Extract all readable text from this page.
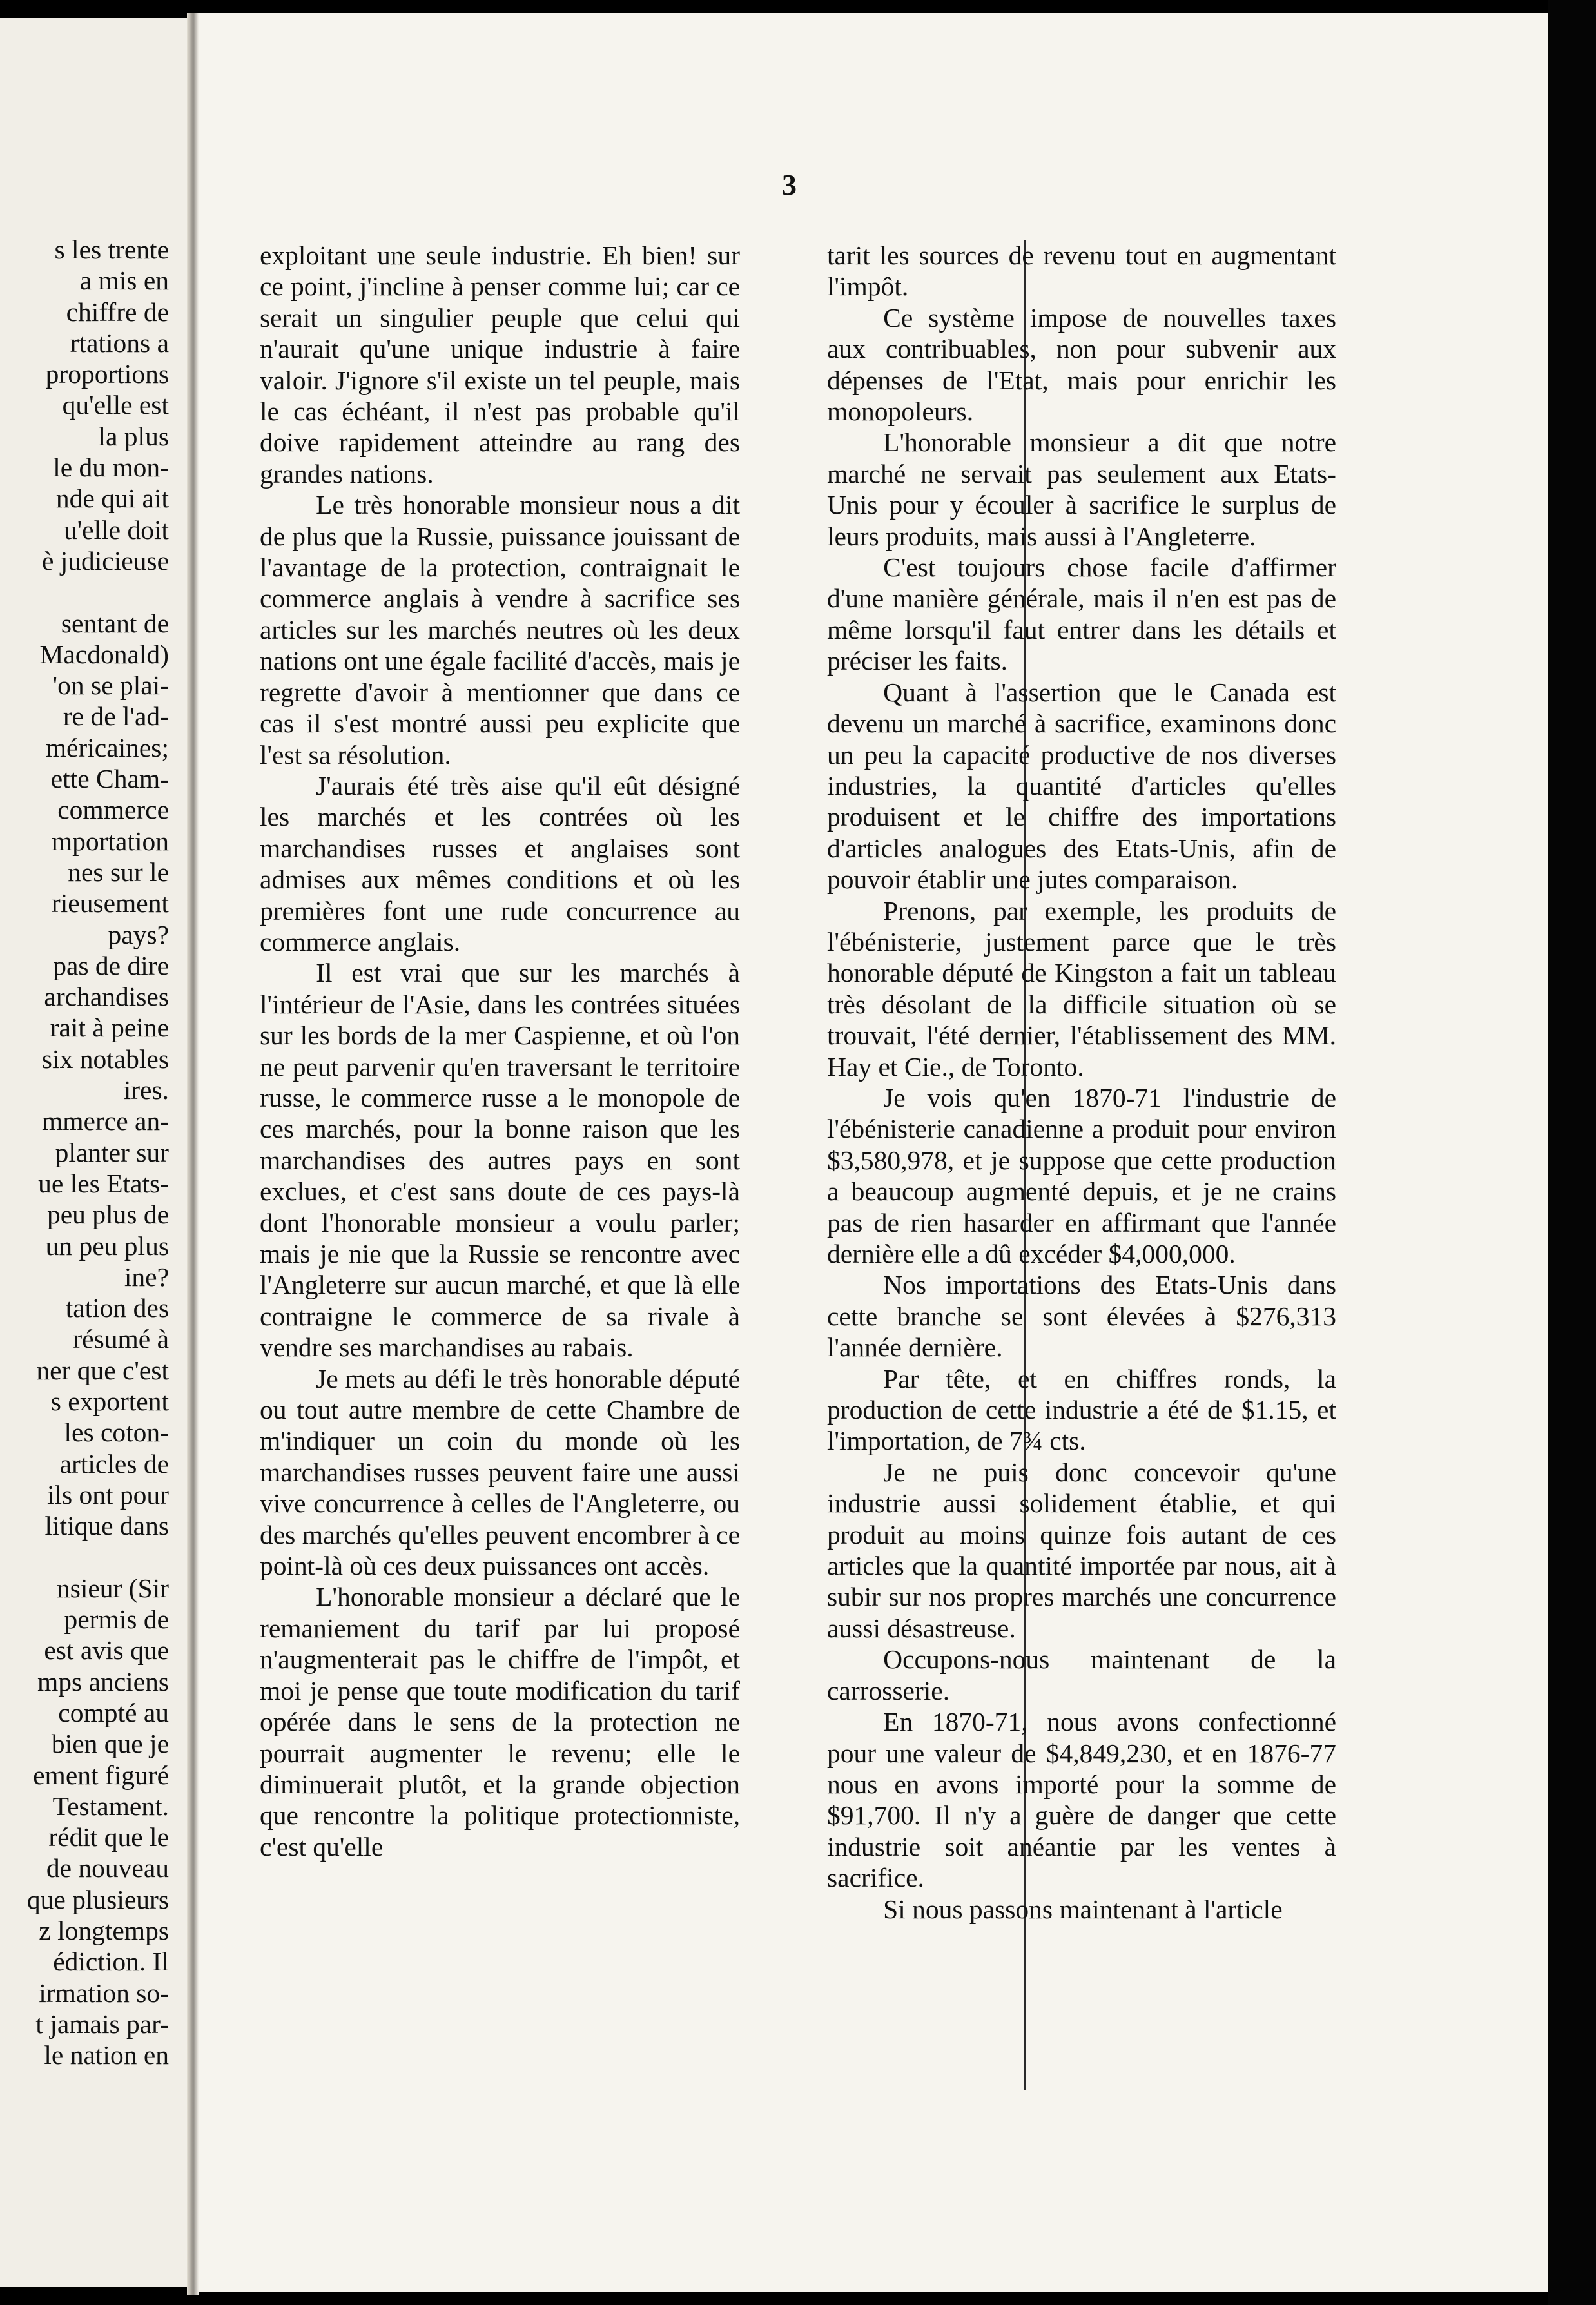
s les trente
a mis en
chiffre de
rtations a
proportions
qu'elle est
la plus
le du mon-
nde qui ait
u'elle doit
è judicieuse
sentant de
Macdonald)
'on se plai-
re de l'ad-
méricaines;
ette Cham-
commerce
mportation
nes sur le
rieusement
pays?
pas de dire
archandises
rait à peine
six notables
ires.
mmerce an-
planter sur
ue les Etats-
peu plus de
un peu plus
ine?
tation des
résumé à
ner que c'est
s exportent
les coton-
articles de
ils ont pour
litique dans
nsieur (Sir
permis de
est avis que
mps anciens
compté au
bien que je
ement figuré
Testament.
rédit que le
de nouveau
que plusieurs
z longtemps
édiction. Il
irmation so-
t jamais par-
le nation en
3

exploitant une seule industrie. Eh bien! sur ce point, j'incline à penser comme lui; car ce serait un singulier peuple que celui qui n'aurait qu'une unique industrie à faire valoir. J'ignore s'il existe un tel peuple, mais le cas échéant, il n'est pas probable qu'il doive rapidement atteindre au rang des grandes nations.

Le très honorable monsieur nous a dit de plus que la Russie, puissance jouissant de l'avantage de la protection, contraignait le commerce anglais à vendre à sacrifice ses articles sur les marchés neutres où les deux nations ont une égale facilité d'accès, mais je regrette d'avoir à mentionner que dans ce cas il s'est montré aussi peu explicite que l'est sa résolution.

J'aurais été très aise qu'il eût désigné les marchés et les contrées où les marchandises russes et anglaises sont admises aux mêmes conditions et où les premières font une rude concurrence au commerce anglais.

Il est vrai que sur les marchés à l'intérieur de l'Asie, dans les contrées situées sur les bords de la mer Caspienne, et où l'on ne peut parvenir qu'en traversant le territoire russe, le commerce russe a le monopole de ces marchés, pour la bonne raison que les marchandises des autres pays en sont exclues, et c'est sans doute de ces pays-là dont l'honorable monsieur a voulu parler; mais je nie que la Russie se rencontre avec l'Angleterre sur aucun marché, et que là elle contraigne le commerce de sa rivale à vendre ses marchandises au rabais.

Je mets au défi le très honorable député ou tout autre membre de cette Chambre de m'indiquer un coin du monde où les marchandises russes peuvent faire une aussi vive concurrence à celles de l'Angleterre, ou des marchés qu'elles peuvent encombrer à ce point-là où ces deux puissances ont accès.

L'honorable monsieur a déclaré que le remaniement du tarif par lui proposé n'augmenterait pas le chiffre de l'impôt, et moi je pense que toute modification du tarif opérée dans le sens de la protection ne pourrait augmenter le revenu; elle le diminuerait plutôt, et la grande objection que rencontre la politique protectionniste, c'est qu'elle

tarit les sources de revenu tout en augmentant l'impôt.

Ce système impose de nouvelles taxes aux contribuables, non pour subvenir aux dépenses de l'Etat, mais pour enrichir les monopoleurs.

L'honorable monsieur a dit que notre marché ne servait pas seulement aux Etats-Unis pour y écouler à sacrifice le surplus de leurs produits, mais aussi à l'Angleterre.

C'est toujours chose facile d'affirmer d'une manière générale, mais il n'en est pas de même lorsqu'il faut entrer dans les détails et préciser les faits.

Quant à l'assertion que le Canada est devenu un marché à sacrifice, examinons donc un peu la capacité productive de nos diverses industries, la quantité d'articles qu'elles produisent et le chiffre des importations d'articles analogues des Etats-Unis, afin de pouvoir établir une jutes comparaison.

Prenons, par exemple, les produits de l'ébénisterie, justement parce que le très honorable député de Kingston a fait un tableau très désolant de la difficile situation où se trouvait, l'été dernier, l'établissement des MM. Hay et Cie., de Toronto.

Je vois qu'en 1870-71 l'industrie de l'ébénisterie canadienne a produit pour environ $3,580,978, et je suppose que cette production a beaucoup augmenté depuis, et je ne crains pas de rien hasarder en affirmant que l'année dernière elle a dû excéder $4,000,000.

Nos importations des Etats-Unis dans cette branche se sont élevées à $276,313 l'année dernière.

Par tête, et en chiffres ronds, la production de cette industrie a été de $1.15, et l'importation, de 7¾ cts.

Je ne puis donc concevoir qu'une industrie aussi solidement établie, et qui produit au moins quinze fois autant de ces articles que la quantité importée par nous, ait à subir sur nos propres marchés une concurrence aussi désastreuse.

Occupons-nous maintenant de la carrosserie.

En 1870-71, nous avons confectionné pour une valeur de $4,849,230, et en 1876-77 nous en avons importé pour la somme de $91,700. Il n'y a guère de danger que cette industrie soit anéantie par les ventes à sacrifice.

Si nous passons maintenant à l'article
